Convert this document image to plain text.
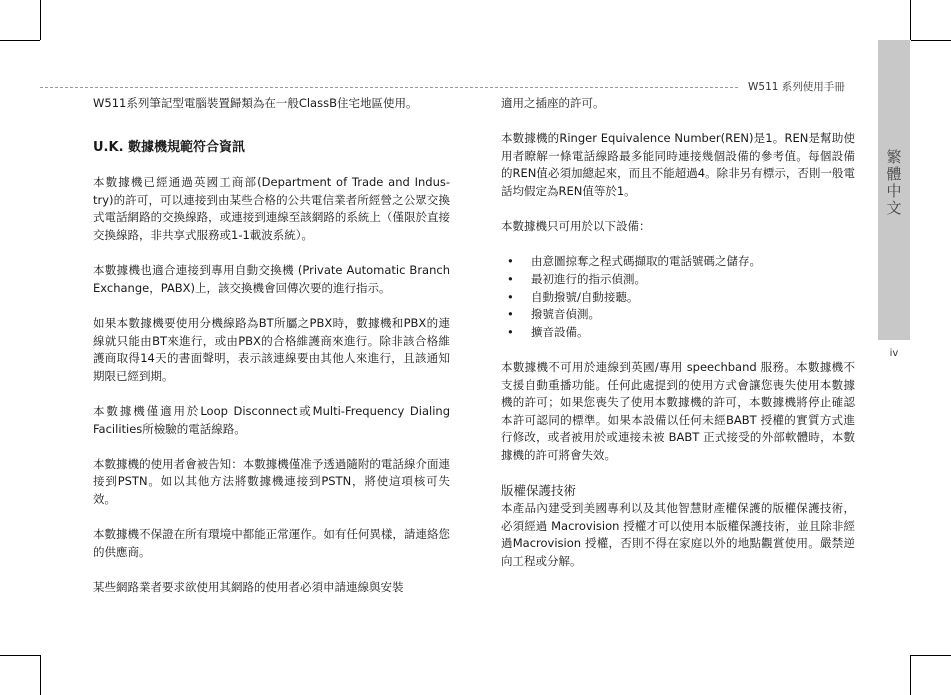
W511 系列使用手冊
繁
體
中
文
iv

W511系列筆記型電腦裝置歸類為在一般ClassB住宅地區使用。

U.K. 數據機規範符合資訊

本數據機已經通過英國工商部(Department of Trade and Indus-try)的許可，可以連接到由某些合格的公共電信業者所經營之公眾交換式電話網路的交換線路，或連接到連線至該網路的系統上（僅限於直接交換線路，非共享式服務或1-1載波系統）。

本數據機也適合連接到專用自動交換機 (Private Automatic Branch Exchange，PABX)上，該交換機會回傳次要的進行指示。

如果本數據機要使用分機線路為BT所屬之PBX時，數據機和PBX的連線就只能由BT來進行，或由PBX的合格維護商來進行。除非該合格維護商取得14天的書面聲明，表示該連線要由其他人來進行，且該通知期限已經到期。

本數據機僅適用於Loop Disconnect或Multi-Frequency Dialing Facilities所檢驗的電話線路。

本數據機的使用者會被告知：本數據機僅准予透過隨附的電話線介面連接到PSTN。如以其他方法將數據機連接到PSTN，將使這項核可失效。

本數據機不保證在所有環境中都能正常運作。如有任何異樣，請連絡您的供應商。

某些網路業者要求欲使用其網路的使用者必須申請連線與安裝

適用之插座的許可。

本數據機的Ringer Equivalence Number(REN)是1。REN是幫助使用者瞭解一條電話線路最多能同時連接幾個設備的參考值。每個設備的REN值必須加總起來，而且不能超過4。除非另有標示，否則一般電話均假定為REN值等於1。

本數據機只可用於以下設備：

• 由意圖掠奪之程式碼擷取的電話號碼之儲存。
• 最初進行的指示偵測。
• 自動撥號/自動接聽。
• 撥號音偵測。
• 擴音設備。

本數據機不可用於連線到英國/專用 speechband 服務。本數據機不支援自動重播功能。任何此處提到的使用方式會讓您喪失使用本數據機的許可；如果您喪失了使用本數據機的許可，本數據機將停止確認本許可認同的標準。如果本設備以任何未經BABT 授權的實質方式進行修改，或者被用於或連接未被 BABT 正式接受的外部軟體時，本數據機的許可將會失效。

版權保護技術

本產品內建受到美國專利以及其他智慧財產權保護的版權保護技術，必須經過 Macrovision 授權才可以使用本版權保護技術，並且除非經過Macrovision 授權，否則不得在家庭以外的地點觀賞使用。嚴禁逆向工程或分解。
